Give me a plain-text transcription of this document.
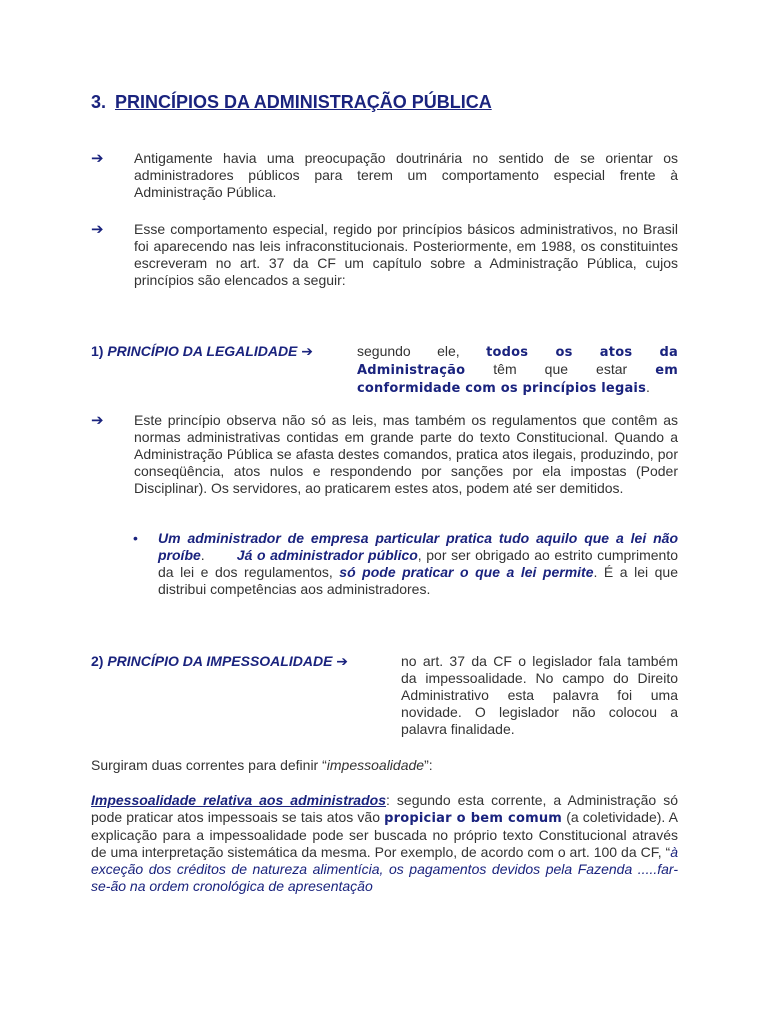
3. PRINCÍPIOS DA ADMINISTRAÇÃO PÚBLICA
➔	Antigamente havia uma preocupação doutrinária no sentido de se orientar os administradores públicos para terem um comportamento especial frente à Administração Pública.
➔	Esse comportamento especial, regido por princípios básicos administrativos, no Brasil foi aparecendo nas leis infraconstitucionais. Posteriormente, em 1988, os constituintes escreveram no art. 37 da CF um capítulo sobre a Administração Pública, cujos princípios são elencados a seguir:
1) PRINCÍPIO DA LEGALIDADE ➔	segundo ele, todos os atos da Administração têm que estar em conformidade com os princípios legais.
➔	Este princípio observa não só as leis, mas também os regulamentos que contêm as normas administrativas contidas em grande parte do texto Constitucional. Quando a Administração Pública se afasta destes comandos, pratica atos ilegais, produzindo, por conseqüência, atos nulos e respondendo por sanções por ela impostas (Poder Disciplinar). Os servidores, ao praticarem estes atos, podem até ser demitidos.
• Um administrador de empresa particular pratica tudo aquilo que a lei não proíbe.       Já o administrador público, por ser obrigado ao estrito cumprimento da lei e dos regulamentos, só pode praticar o que a lei permite. É a lei que distribui competências aos administradores.
2) PRINCÍPIO DA IMPESSOALIDADE ➔	no art. 37 da CF o legislador fala também da impessoalidade. No campo do Direito Administrativo esta palavra foi uma novidade. O legislador não colocou a palavra finalidade.
Surgiram duas correntes para definir “impessoalidade”:
Impessoalidade relativa aos administrados: segundo esta corrente, a Administração só pode praticar atos impessoais se tais atos vão propiciar o bem comum (a coletividade). A explicação para a impessoalidade pode ser buscada no próprio texto Constitucional através de uma interpretação sistemática da mesma. Por exemplo, de acordo com o art. 100 da CF, “à exceção dos créditos de natureza alimentícia, os pagamentos devidos pela Fazenda .....far-se-ão na ordem cronológica de apresentação
